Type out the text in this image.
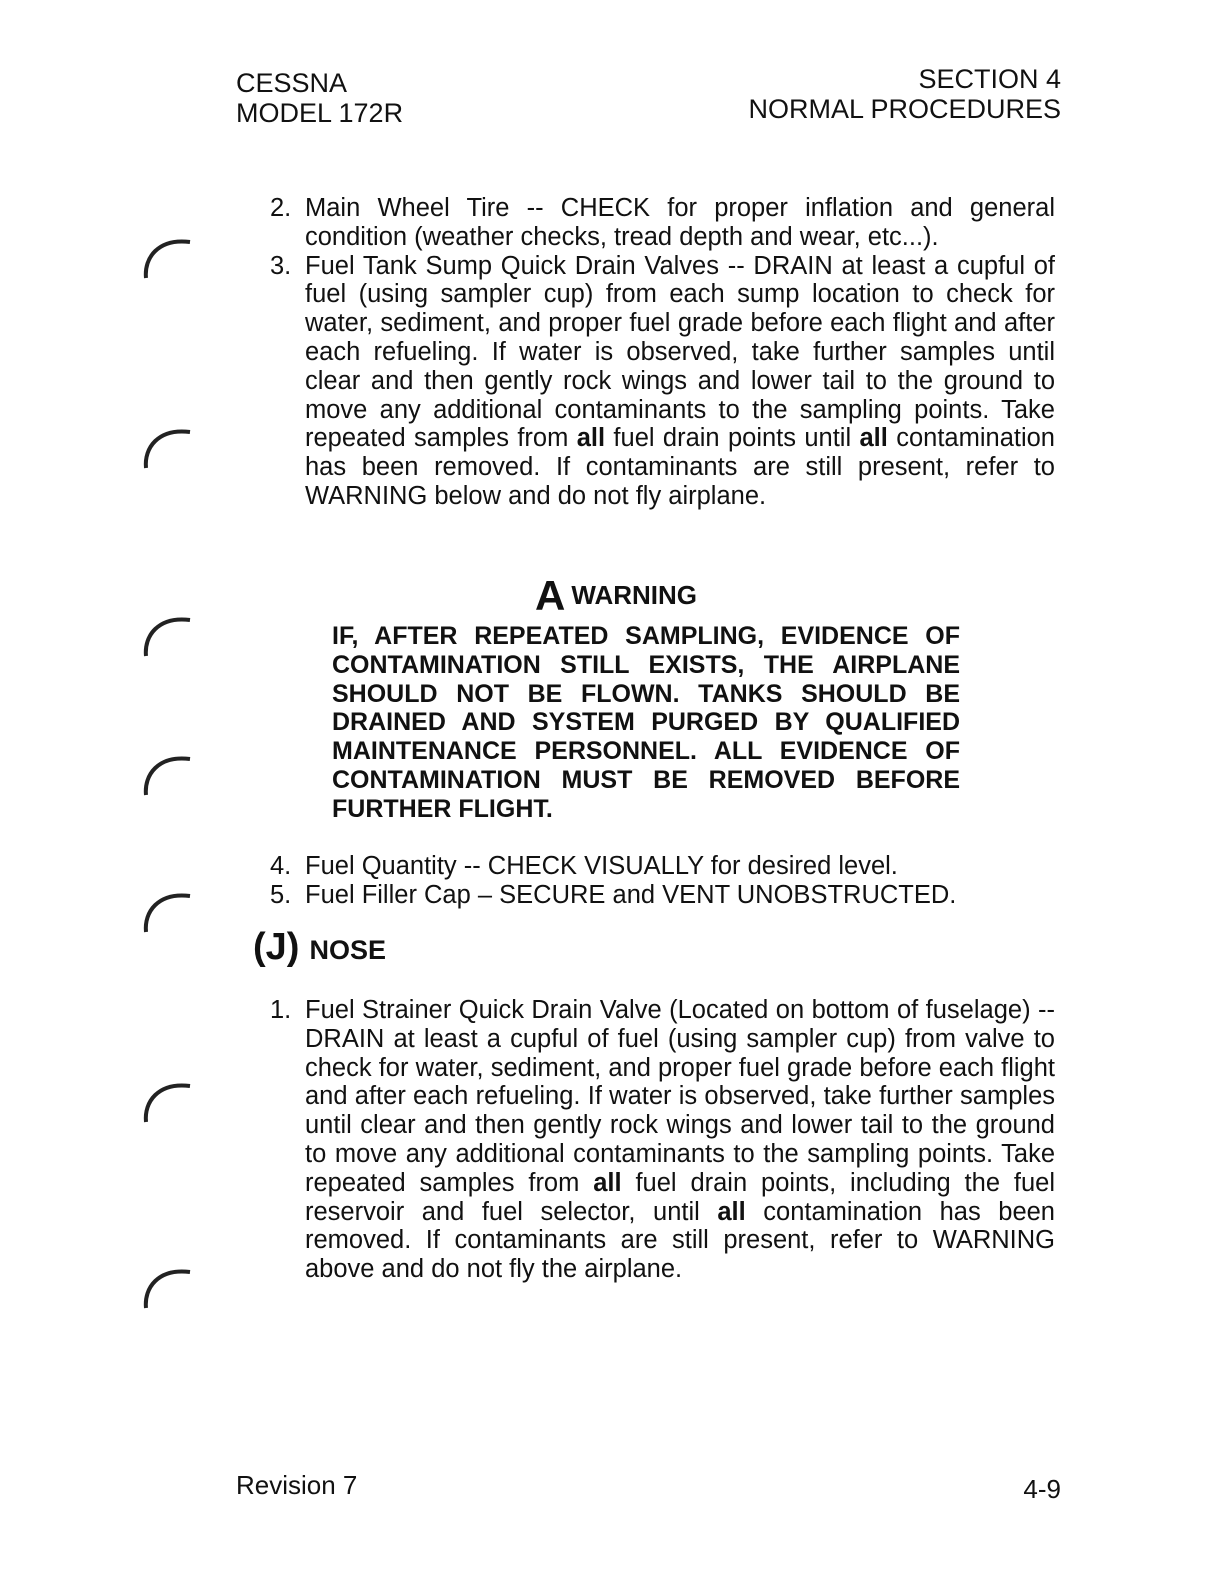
CESSNA
MODEL 172R
SECTION 4
NORMAL PROCEDURES
2. Main Wheel Tire -- CHECK for proper inflation and general condition (weather checks, tread depth and wear, etc...).
3. Fuel Tank Sump Quick Drain Valves -- DRAIN at least a cupful of fuel (using sampler cup) from each sump location to check for water, sediment, and proper fuel grade before each flight and after each refueling. If water is observed, take further samples until clear and then gently rock wings and lower tail to the ground to move any additional contaminants to the sampling points. Take repeated samples from all fuel drain points until all contamination has been removed. If contaminants are still present, refer to WARNING below and do not fly airplane.
AWARNING
IF, AFTER REPEATED SAMPLING, EVIDENCE OF CONTAMINATION STILL EXISTS, THE AIRPLANE SHOULD NOT BE FLOWN. TANKS SHOULD BE DRAINED AND SYSTEM PURGED BY QUALIFIED MAINTENANCE PERSONNEL. ALL EVIDENCE OF CONTAMINATION MUST BE REMOVED BEFORE FURTHER FLIGHT.
4. Fuel Quantity -- CHECK VISUALLY for desired level.
5. Fuel Filler Cap – SECURE and VENT UNOBSTRUCTED.
(J) NOSE
1. Fuel Strainer Quick Drain Valve (Located on bottom of fuselage) -- DRAIN at least a cupful of fuel (using sampler cup) from valve to check for water, sediment, and proper fuel grade before each flight and after each refueling. If water is observed, take further samples until clear and then gently rock wings and lower tail to the ground to move any additional contaminants to the sampling points. Take repeated samples from all fuel drain points, including the fuel reservoir and fuel selector, until all contamination has been removed. If contaminants are still present, refer to WARNING above and do not fly the airplane.
Revision 7	4-9
